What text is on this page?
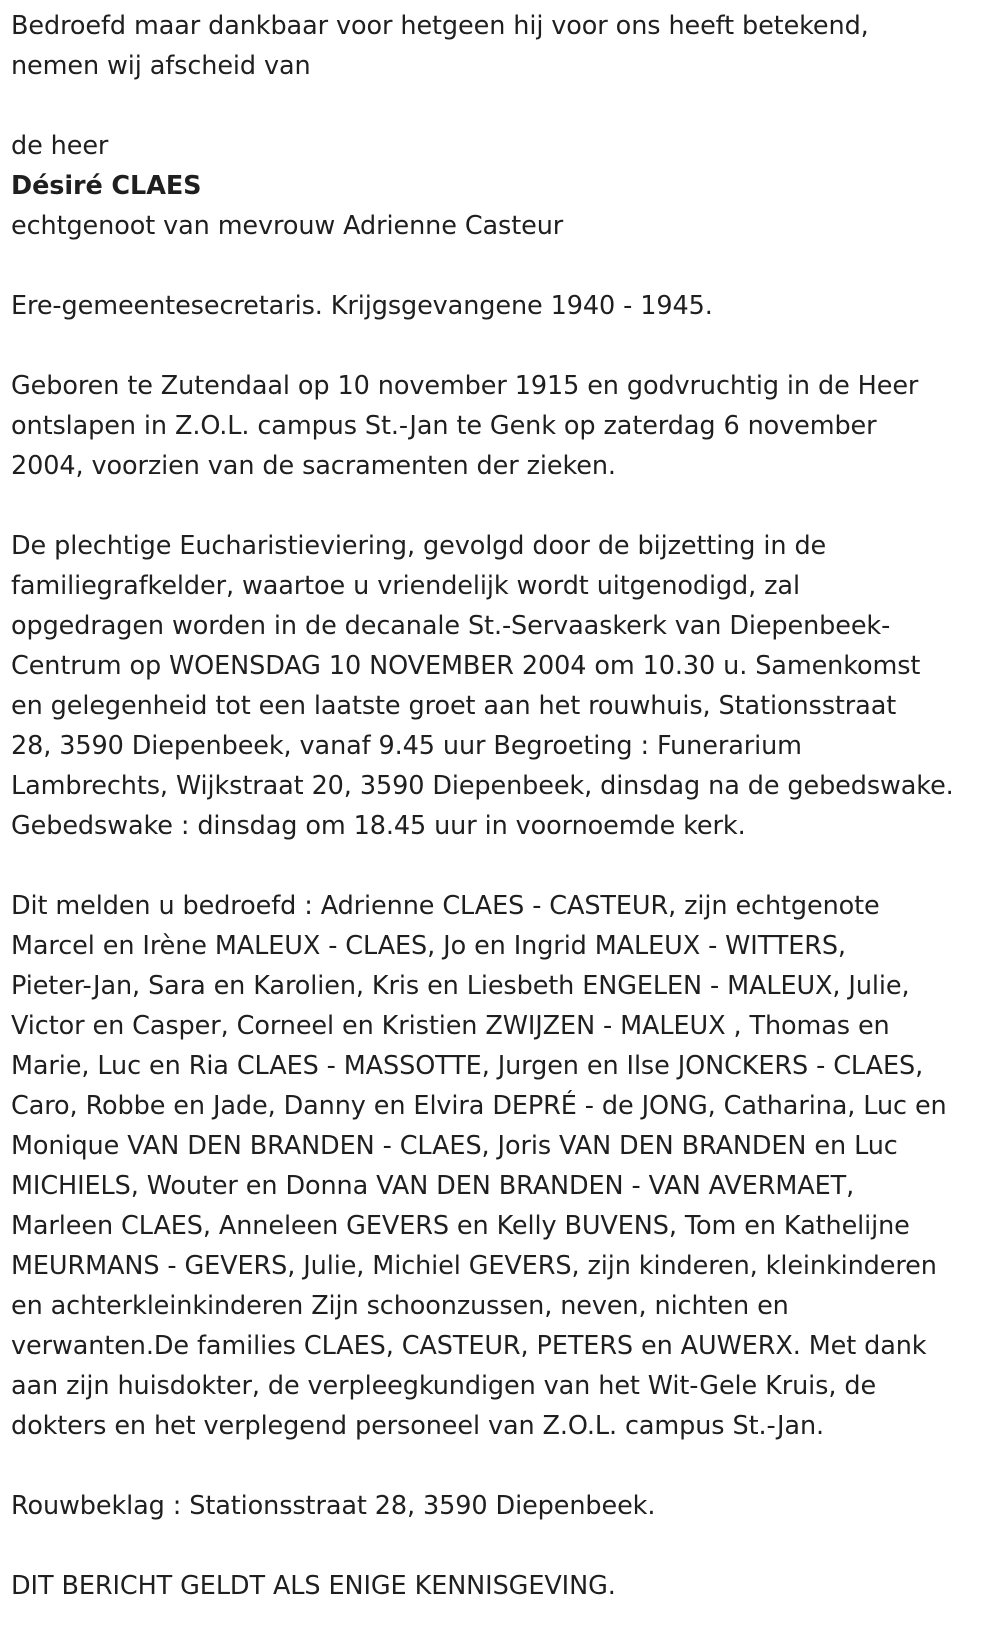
Bedroefd maar dankbaar voor hetgeen hij voor ons heeft betekend,
nemen wij afscheid van
de heer
Désiré CLAES
echtgenoot van mevrouw Adrienne Casteur
Ere-gemeentesecretaris. Krijgsgevangene 1940 - 1945.
Geboren te Zutendaal op 10 november 1915 en godvruchtig in de Heer
ontslapen in Z.O.L. campus St.-Jan te Genk op zaterdag 6 november
2004, voorzien van de sacramenten der zieken.
De plechtige Eucharistieviering, gevolgd door de bijzetting in de
familiegrafkelder, waartoe u vriendelijk wordt uitgenodigd, zal
opgedragen worden in de decanale St.-Servaaskerk van Diepenbeek-
Centrum op WOENSDAG 10 NOVEMBER 2004 om 10.30 u. Samenkomst
en gelegenheid tot een laatste groet aan het rouwhuis, Stationsstraat
28, 3590 Diepenbeek, vanaf 9.45 uur Begroeting : Funerarium
Lambrechts, Wijkstraat 20, 3590 Diepenbeek, dinsdag na de gebedswake.
Gebedswake : dinsdag om 18.45 uur in voornoemde kerk.
Dit melden u bedroefd : Adrienne CLAES - CASTEUR, zijn echtgenote
Marcel en Irène MALEUX - CLAES, Jo en Ingrid MALEUX - WITTERS,
Pieter-Jan, Sara en Karolien, Kris en Liesbeth ENGELEN - MALEUX, Julie,
Victor en Casper, Corneel en Kristien ZWIJZEN - MALEUX , Thomas en
Marie, Luc en Ria CLAES - MASSOTTE, Jurgen en Ilse JONCKERS - CLAES,
Caro, Robbe en Jade, Danny en Elvira DEPRÉ - de JONG, Catharina, Luc en
Monique VAN DEN BRANDEN - CLAES, Joris VAN DEN BRANDEN en Luc
MICHIELS, Wouter en Donna VAN DEN BRANDEN - VAN AVERMAET,
Marleen CLAES, Anneleen GEVERS en Kelly BUVENS, Tom en Kathelijne
MEURMANS - GEVERS, Julie, Michiel GEVERS, zijn kinderen, kleinkinderen
en achterkleinkinderen Zijn schoonzussen, neven, nichten en
verwanten.De families CLAES, CASTEUR, PETERS en AUWERX. Met dank
aan zijn huisdokter, de verpleegkundigen van het Wit-Gele Kruis, de
dokters en het verplegend personeel van Z.O.L. campus St.-Jan.
Rouwbeklag : Stationsstraat 28, 3590 Diepenbeek.
DIT BERICHT GELDT ALS ENIGE KENNISGEVING.
